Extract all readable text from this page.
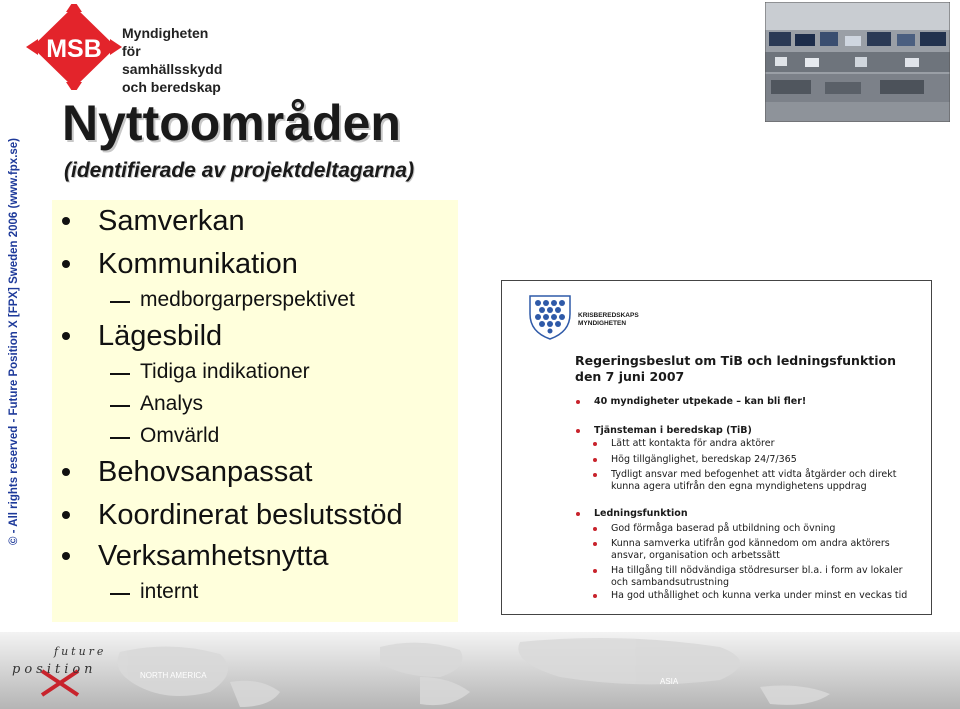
© - All rights reserved - Future Position X [FPX] Sweden 2006 (www.fpx.se)
MSB
Myndigheten för
samhällsskydd
och beredskap
Nyttoområden
(identifierade av projektdeltagarna)
Samverkan
Kommunikation
medborgarperspektivet
Lägesbild
Tidiga indikationer
Analys
Omvärld
Behovsanpassat
Koordinerat beslutsstöd
Verksamhetsnytta
internt
KRISBEREDSKAPS
MYNDIGHETEN
Regeringsbeslut om TiB och ledningsfunktion
den 7 juni 2007
40 myndigheter utpekade – kan bli fler!
Tjänsteman i beredskap (TiB)
Lätt att kontakta för andra aktörer
Hög tillgänglighet, beredskap 24/7/365
Tydligt ansvar med befogenhet att vidta åtgärder och direkt
kunna agera utifrån den egna myndighetens uppdrag
Ledningsfunktion
God förmåga baserad på utbildning och övning
Kunna samverka utifrån god kännedom om andra aktörers
ansvar, organisation och arbetssätt
Ha tillgång till nödvändiga stödresurser bl.a. i form av lokaler
och sambandsutrustning
Ha god uthållighet och kunna verka under minst en veckas tid
NORTH AMERICA
ASIA
future
position
